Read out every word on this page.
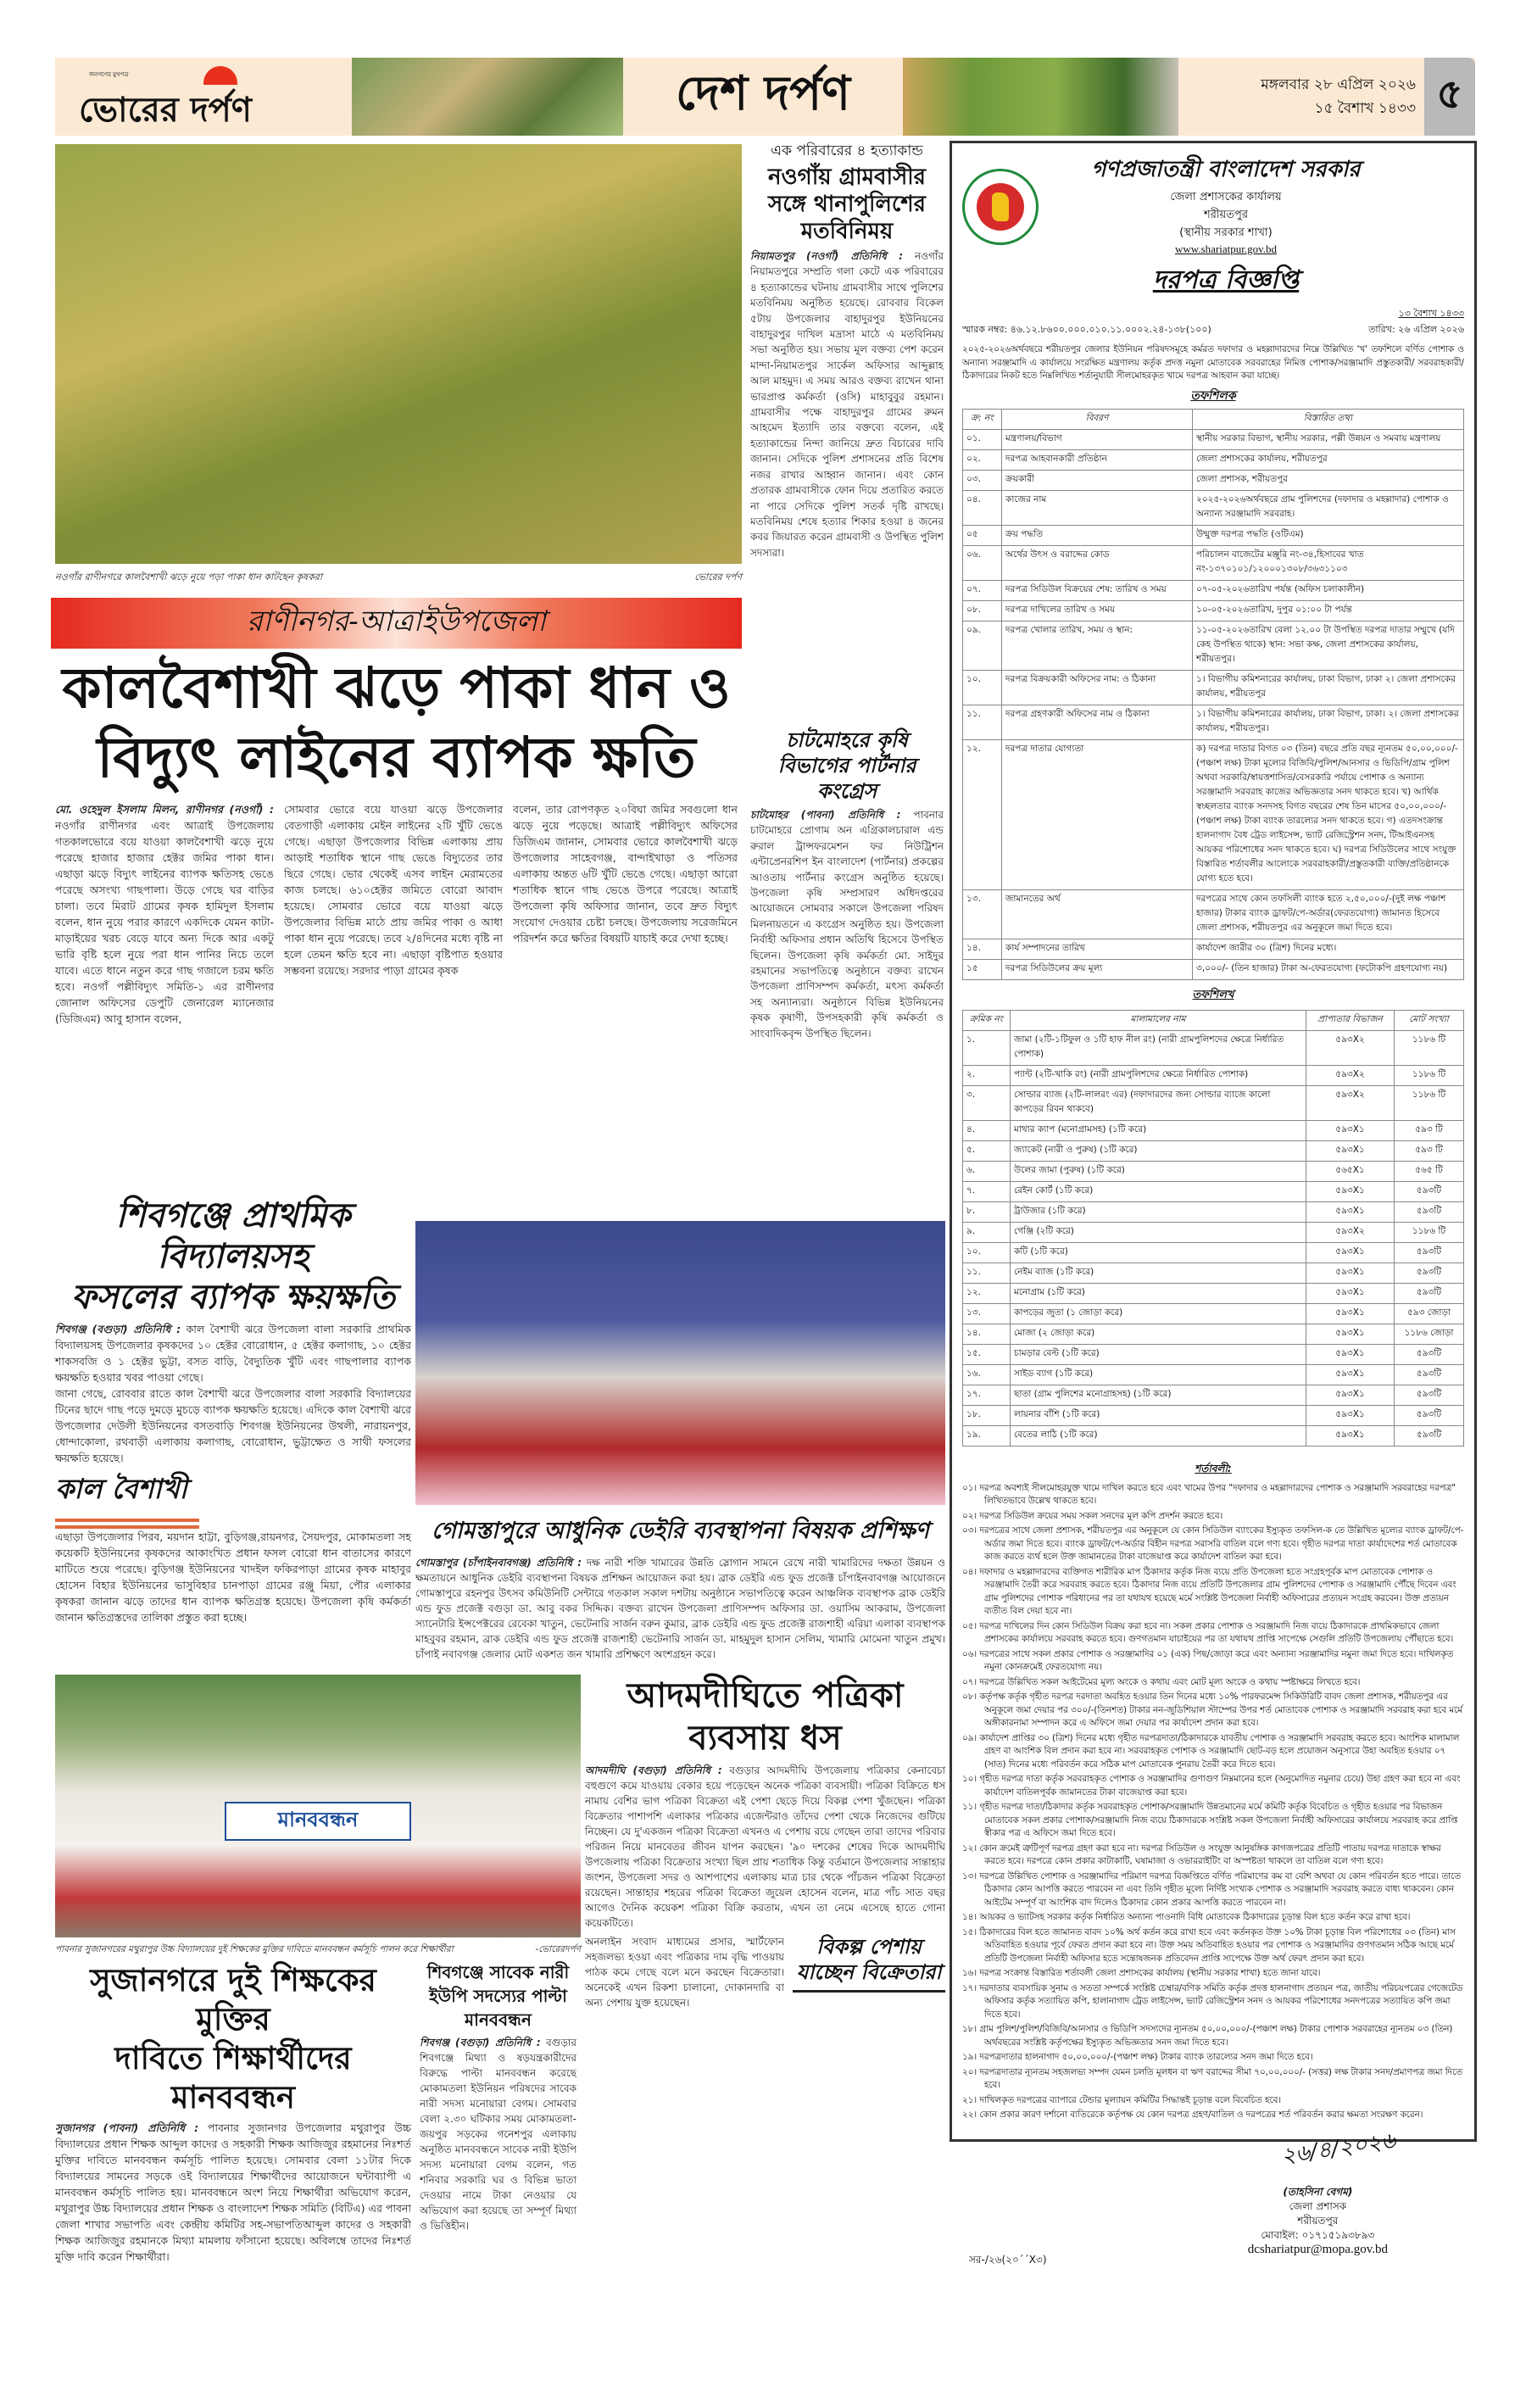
জনগণের মুখপত্র
ভোরের দর্পণ	দেশ দর্পণ	মঙ্গলবার ২৮ এপ্রিল ২০২৬
১৫ বৈশাখ ১৪৩৩ ৫
নওগাঁর রাণীনগরে কালবৈশাখী ঝড়ে নুয়ে পড়া পাকা ধান কাটছেন কৃষকরা	ভোরের দর্পণ
রাণীনগর-আত্রাইউপজেলা
কালবৈশাখী ঝড়ে পাকা ধান ও
বিদ্যুৎ লাইনের ব্যাপক ক্ষতি
মো. ওহেদুল ইসলাম মিলন, রাণীনগর (নওগাঁ) : নওগাঁর রাণীনগর এবং আত্রাই উপজেলায় গতকালভোরে বয়ে যাওয়া কালবৈশাখী ঝড়ে নুয়ে পরেছে হাজার হাজার হেক্টর জমির পাকা ধান। এছাড়া ঝড়ে বিদ্যুৎ লাইনের ব্যাপক ক্ষতিসহ ভেঙে পরেছে অসংখ্য গাছপালা। উড়ে গেছে ঘর বাড়ির চালা। তবে মিরাট গ্রামের কৃষক হামিদুল ইসলাম বলেন, ধান নুয়ে পরার কারণে একদিকে যেমন কাটা-মাড়াইয়ের খরচ বেড়ে যাবে অন্য দিকে আর একটু ভারি বৃষ্টি হলে নুয়ে পরা ধান পানির নিচে তলে যাবে। এতে ধানে নতুন করে গাছ গজালে চরম ক্ষতি হবে। নওগাঁ পল্লীবিদ্যুৎ সমিতি-১ এর রাণীনগর জোনাল অফিসের ডেপুটি জেনারেল ম্যানেজার (ডিজিএম) আবু হাসান বলেন,
সোমবার ভোরে বয়ে যাওয়া ঝড়ে উপজেলার বেতগাড়ী এলাকায় মেইন লাইনের ২টি খুঁটি ভেঙে গেছে। এছাড়া উপজেলার বিভিন্ন এলাকায় প্রায় আড়াই শতাধিক স্থানে গাছ ভেঙে বিদ্যুতের তার ছিরে গেছে। ভোর থেকেই এসব লাইন মেরামতের কাজ চলছে। ৬১০হেক্টর জমিতে বোরো আবাদ হয়েছে। সোমবার ভোরে বয়ে যাওয়া ঝড়ে উপজেলার বিভিন্ন মাঠে প্রায় জমির পাকা ও আধা পাকা ধান নুয়ে পরেছে। তবে ২/৪দিনের মধ্যে বৃষ্টি না হলে তেমন ক্ষতি হবে না। এছাড়া বৃষ্টিপাত হওয়ার সম্ভবনা রয়েছে। সরদার পাড়া গ্রামের কৃষক
বলেন, তার রোপণকৃত ২০বিঘা জমির সবগুলো ধান ঝড়ে নুয়ে পড়েছে। আত্রাই পল্লীবিদ্যুৎ অফিসের ডিজিএম জানান, সোমবার ভোরে কালবৈশাখী ঝড়ে উপজেলার সাহেবগঞ্জ, বান্দাইখাড়া ও পতিসর এলাকায় অন্তত ৬টি খুঁটি ভেঙে গেছে। এছাড়া আরো শতাধিক স্থানে গাছ ভেঙে উপরে পরেছে। আত্রাই উপজেলা কৃষি অফিসার জানান, তবে দ্রুত বিদ্যুৎ সংযোগ দেওয়ার চেষ্টা চলছে। উপজেলায় সরেজমিনে পরিদর্শন করে ক্ষতির বিষয়টি যাচাই করে দেখা হচ্ছে।
এক পরিবারের ৪ হত্যাকান্ড
নওগাঁয় গ্রামবাসীর সঙ্গে থানাপুলিশের মতবিনিময়
নিয়ামতপুর (নওগাঁ) প্রতিনিধি : নওগাঁর নিয়ামতপুরে সম্প্রতি গলা কেটে এক পরিবারের ৪ হত্যাকান্ডের ঘটনায় গ্রামবাসীর সাথে পুলিশের মতবিনিময় অনুষ্ঠিত হয়েছে। রোববার বিকেল ৫টায় উপজেলার বাহাদুরপুর ইউনিয়নের বাহাদুরপুর দাখিল মদ্রাসা মাঠে এ মতবিনিময় সভা অনুষ্ঠিত হয়। সভায় মূল বক্তব্য পেশ করেন মান্দা-নিয়ামতপুর সার্কেল অফিসার আব্দুল্লাহ আল মাহমুদ। এ সময় আরও বক্তব্য রাখেন থানা ভারপ্রাপ্ত কর্মকর্তা (ওসি) মাহাবুবুর রহমান। গ্রামবাসীর পক্ষে বাহাদুরপুর গ্রামের রুমন আহমেদ ইত্যাদি তার বক্তব্যে বলেন, এই হত্যাকান্ডের নিন্দা জানিয়ে দ্রুত বিচারের দাবি জানান। সেদিকে পুলিশ প্রশাসনের প্রতি বিশেষ নজর রাখার আহ্বান জানান। এবং কোন প্রতারক গ্রামবাসীকে ফোন দিয়ে প্রতারিত করতে না পারে সেদিকে পুলিশ সতর্ক দৃষ্টি রাখছে। মতবিনিময় শেষে হত্যার শিকার হওয়া ৪ জনের কবর জিয়ারত করেন গ্রামবাসী ও উপস্থিত পুলিশ সদস্যরা।
চাটমোহরে কৃষি বিভাগের পার্টনার কংগ্রেস
চাটমোহর (পাবনা) প্রতিনিধি : পাবনার চাটমোহরে প্রোগাম অন এগ্রিকালচারাল এন্ড রুরাল ট্রান্সফরমেশন ফর নিউট্রিশন এন্টাপ্রেনরশিপ ইন বাংলাদেশ (পার্টনার) প্রকল্পের আওতায় পার্টনার কংগ্রেস অনুষ্ঠিত হয়েছে। উপজেলা কৃষি সম্প্রসারণ অধিদপ্তরের আয়োজনে সোমবার সকালে উপজেলা পরিষদ মিলনায়তনে এ কংগ্রেস অনুষ্ঠিত হয়। উপজেলা নির্বাহী অফিসার প্রধান অতিথি হিসেবে উপস্থিত ছিলেন। উপজেলা কৃষি কর্মকর্তা মো. সাইদুর রহমানের সভাপতিত্বে অনুষ্ঠানে বক্তব্য রাখেন উপজেলা প্রাণিসম্পদ কর্মকর্তা, মৎস্য কর্মকর্তা সহ অন্যান্যরা। অনুষ্ঠানে বিভিন্ন ইউনিয়নের কৃষক কৃষাণী, উপসহকারী কৃষি কর্মকর্তা ও সাংবাদিকবৃন্দ উপস্থিত ছিলেন।
শিবগঞ্জে প্রাথমিক বিদ্যালয়সহ
ফসলের ব্যাপক ক্ষয়ক্ষতি
শিবগঞ্জ (বগুড়া) প্রতিনিধি : কাল বৈশাখী ঝরে উপজেলা বালা সরকারি প্রাথমিক বিদ্যালয়সহ উপজেলার কৃষকদের ১০ হেক্টর বোরোধান, ৫ হেক্টর কলাগাছ, ১০ হেক্টর শাকসবজি ও ১ হেক্টর ভুট্টা, বসত বাড়ি, বৈদ্যুতিক খুঁটি এবং গাছপালার ব্যাপক ক্ষয়ক্ষতি হওয়ার খবর পাওয়া গেছে।
জানা গেছে, রোববার রাতে কাল বৈশাখী ঝরে উপজেলার বালা সরকারি বিদ্যালয়ের টিনের ছাদে গাছ পড়ে দুমড়ে মুচড়ে ব্যাপক ক্ষয়ক্ষতি হয়েছে। এদিকে কাল বৈশাখী ঝরে উপজেলার দেউলী ইউনিয়নের বসতবাড়ি শিবগঞ্জ ইউনিয়নের উথলী, নারায়নপুর, ধোন্দাকোলা, রথবাড়ী এলাকায় কলাগাছ, বোরোধান, ভুট্টাক্ষেত ও সাথী ফসলের ক্ষয়ক্ষতি হয়েছে।
কাল বৈশাখী
এছাড়া উপজেলার পিরব, ময়দান হাট্টা, বুড়িগঞ্জ,রায়নগর, সৈয়দপুর, মোকামতলা সহ কয়েকটি ইউনিয়নের কৃষকদের আকাংখিত প্রধান ফসল বোরো ধান বাতাসের কারণে মাটিতে শুয়ে পরেছে। বুড়িগঞ্জ ইউনিয়নের খাদইল ফকিরপাড়া গ্রামের কৃষক মাহাবুর হোসেন বিহার ইউনিয়নের ভাসুবিহার চানপাড়া গ্রামের রঞ্জু মিয়া, পৌর এলাকার কৃষকরা জানান ঝড়ে তাদের ধান ব্যাপক ক্ষতিগ্রস্ত হয়েছে। উপজেলা কৃষি কর্মকর্তা জানান ক্ষতিগ্রস্তদের তালিকা প্রস্তুত করা হচ্ছে।
গোমস্তাপুরে আধুনিক ডেইরি ব্যবস্থাপনা বিষয়ক প্রশিক্ষণ
গোমস্তাপুর (চাঁপাইনবাবগঞ্জ) প্রতিনিধি : দক্ষ নারী শক্তি খামারের উন্নতি স্লোগান সামনে রেখে নারী খামারিদের দক্ষতা উন্নয়ন ও ক্ষমতায়নে আধুনিক ডেইরি ব্যবস্থাপনা বিষয়ক প্রশিক্ষন আয়োজন করা হয়। ব্রাক ডেইরি এন্ড ফুড প্রজেক্ট চাঁপাইনবাবগঞ্জ আয়োজনে গোমস্তাপুরে রহনপুর উৎসব কমিউনিটি সেন্টারে গতকাল সকাল দশটায় অনুষ্ঠানে সভাপতিত্বে করেন আঞ্চলিক ব্যবস্থাপক ব্রাক ডেইরি এন্ড ফুড প্রজেক্ট বগুড়া ডা. আবু বকর সিদ্দিক। বক্তব্য রাখেন উপজেলা প্রাণিসম্পদ অফিসার ডা. ওয়াসিম আকরাম, উপজেলা স্যানেটারি ইন্সপেক্টরের রেবেকা খাতুন, ভেটেনারি সার্জন বরুন কুমার, ব্রাক ডেইরি এন্ড ফুড প্রজেক্ট রাজশাহী এরিয়া এলাকা ব্যবস্থাপক মাহবুবর রহমান, ব্রাক ডেইরি এন্ড ফুড প্রজেক্ট রাজশাহী ভেটেনারি সার্জন ডা. মাহমুদুল হাসান সেলিম, খামারি মোমেনা খাতুন প্রমুখ। চাঁপাই নবাবগঞ্জ জেলার মোট একশত জন খামারি প্রশিক্ষণে অংশগ্রহন করে।
মানববন্ধন
পাবনার সুজানগরের মথুরাপুর উচ্চ বিদ্যালয়ের দুই শিক্ষকের মুক্তির দাবিতে মানববন্ধন কর্মসূচি পালন করে শিক্ষার্থীরা	-ভোরেরদর্পণ
সুজানগরে দুই শিক্ষকের মুক্তির
দাবিতে শিক্ষার্থীদের মানববন্ধন
সুজানগর (পাবনা) প্রতিনিধি : পাবনার সুজানগর উপজেলার মথুরাপুর উচ্চ বিদ্যালয়ের প্রধান শিক্ষক আব্দুল কাদের ও সহকারী শিক্ষক আজিজুর রহমানের নিঃশর্ত মুক্তির দাবিতে মানববন্ধন কর্মসূচি পালিত হয়েছে। সোমবার বেলা ১১টার দিকে বিদ্যালয়ের সামনের সড়কে ওই বিদ্যালয়ের শিক্ষার্থীদের আয়োজনে ঘন্টাব্যাপী এ মানববন্ধন কর্মসূচি পালিত হয়। মানববন্ধনে অংশ নিয়ে শিক্ষার্থীরা অভিযোগ করেন, মথুরাপুর উচ্চ বিদ্যালয়ের প্রধান শিক্ষক ও বাংলাদেশ শিক্ষক সমিতি (বিটিএ) এর পাবনা জেলা শাখার সভাপতি এবং কেন্দ্রীয় কমিটির সহ-সভাপতিআব্দুল কাদের ও সহকারী শিক্ষক আজিজুর রহমানকে মিথ্যা মামলায় ফাঁসানো হয়েছে। অবিলম্বে তাদের নিঃশর্ত মুক্তি দাবি করেন শিক্ষার্থীরা।
শিবগঞ্জে সাবেক নারী ইউপি সদস্যের পাল্টা মানববন্ধন
শিবগঞ্জ (বগুড়া) প্রতিনিধি : বগুড়ার শিবগঞ্জে মিথ্যা ও ষড়যন্ত্রকারীদের বিরুদ্ধে পাল্টা মানববন্ধন করেছে মোকামতলা ইউনিয়ন পরিষদের সাবেক নারী সদস্য মনোয়ারা বেগম। সোমবার বেলা ২.৩০ ঘটিকার সময় মোকামতলা-জয়পুর সড়কের গনেশপুর এলাকায় অনুষ্ঠিত মানববন্ধনে সাবেক নারী ইউপি সদস্য মনোয়ারা বেগম বলেন, গত শনিবার সরকারি ঘর ও বিভিন্ন ভাতা দেওয়ার নামে টাকা নেওয়ার যে অভিযোগ করা হয়েছে তা সম্পূর্ণ মিথ্যা ও ভিত্তিহীন।
আদমদীঘিতে পত্রিকা
ব্যবসায় ধস
আদমদীঘি (বগুড়া) প্রতিনিধি : বগুড়ার আদমদীঘি উপজেলায় পত্রিকার কেনাবেচা বহুগুণে কমে যাওয়ায় বেকার হয়ে পড়েছেন অনেক পত্রিকা ব্যবসায়ী। পত্রিকা বিক্রিতে ধস নামায় বেশির ভাগ পত্রিকা বিক্রেতা এই পেশা ছেড়ে দিয়ে বিকল্প পেশা খুঁজছেন। পত্রিকা বিক্রেতার পাশাপশি এলাকার পত্রিকার এজেন্টরাও তাঁদের পেশা থেকে নিজেদের গুটিয়ে নিচ্ছেন। যে দু'একজন পত্রিকা বিক্রেতা এখনও এ পেশায় রয়ে গেছেন তারা তাদের পরিবার পরিজন নিয়ে মানবেতর জীবন যাপন করছেন। '৯০ দশকের শেষের দিকে আদমদীঘি উপজেলায় পত্রিকা বিক্রেতার সংখ্যা ছিল প্রায় শতাধিক কিন্তু বর্তমানে উপজেলার সান্তাহার জংশন, উপজেলা সদর ও আশপাশের এলাকায় মাত্র চার থেকে পাঁচজন পত্রিকা বিক্রেতা রয়েছেন। সান্তাহার শহরের পত্রিকা বিক্রেতা জুয়েল হোসেন বলেন, মাত্র পাঁচ সাত বছর আগেও দৈনিক কয়েকশ পত্রিকা বিক্রি করতাম, এখন তা নেমে এসেছে হাতে গোনা কয়েকটিতে।
অনলাইন সংবাদ মাধ্যমের প্রসার, স্মার্টফোন সহজলভ্য হওয়া এবং পত্রিকার দাম বৃদ্ধি পাওয়ায় পাঠক কমে গেছে বলে মনে করছেন বিক্রেতারা। অনেকেই এখন রিকশা চালানো, দোকানদারি বা অন্য পেশায় যুক্ত হয়েছেন।
বিকল্প পেশায় যাচ্ছেন বিক্রেতারা
গণপ্রজাতন্ত্রী বাংলাদেশ সরকার
জেলা প্রশাসকের কার্যালয়
শরীয়তপুর
(স্থানীয় সরকার শাখা)
www.shariatpur.gov.bd
দরপত্র বিজ্ঞপ্তি
স্মারক নম্বর: ৪৬.১২.৮৬০০.০০০.০১০.১১.০০০২.২৪-১৩৮(১০০)
১৩ বৈশাখ ১৪৩৩
তারিখ: ২৬ এপ্রিল ২০২৬
২০২৫-২০২৬অর্থবছরে শরীয়তপুর জেলার ইউনিয়ন পরিষদসমূহে কর্মরত দফাদার ও মহল্লাদারদের নিম্নে উল্লিখিত 'খ' তফশিলে বর্ণিত পোশাক ও অন্যান্য সরঞ্জামাদি এ কার্যালয়ে সংরক্ষিত মন্ত্রণালয় কর্তৃক প্রদত্ত নমুনা মোতাবেক সরবরাহের নিমিত্ত পোশাক/সরঞ্জামাদি প্রস্তুতকারী/ সরবরাহকারী/ ঠিকাদারের নিকট হতে নিম্নলিখিত শর্তানুযায়ী সীলমোহরকৃত খামে দরপত্র আহবান করা যাচ্ছে।
তফশিলক
ক্র: নং	বিবরণ	বিস্তারিত তথ্য
০১.	মন্ত্রণালয়/বিভাগ	স্থানীয় সরকার বিভাগ, স্থানীয় সরকার, পল্লী উন্নয়ন ও সমবায় মন্ত্রণালয়
০২.	দরপত্র আহবানকারী প্রতিষ্ঠান	জেলা প্রশাসকের কার্যালয়, শরীয়তপুর
০৩.	ক্রয়কারী	জেলা প্রশাসক, শরীয়তপুর
০৪.	কাজের নাম	২০২৫-২০২৬অর্থবছরে গ্রাম পুলিশদের (দফাদার ও মহল্লাদার) পোশাক ও অন্যান্য সরঞ্জামাদি সরবরাহ।
০৫	ক্রয় পদ্ধতি	উন্মুক্ত দরপত্র পদ্ধতি (ওটিএম)
০৬.	অর্থের উৎস ও বরাদ্দের কোড	পরিচালন বাজেটের মঞ্জুরি নং-৩৪,হিসাবের খাত নং-১৩৭০১০১/১২০০০১৩০৮/৩৬৩১১০৩
০৭.	দরপত্র সিডিউল বিক্রয়ের শেষ: তারিখ ও সময়	০৭-০৫-২০২৬তারিখ পর্যন্ত (অফিস চলাকালীন)
০৮.	দরপত্র দাখিলের তারিখ ও সময়	১০-০৫-২০২৬তারিখ, দুপুর ০১:০০ টা পর্যন্ত
০৯.	দরপত্র খোলার তারিখ, সময় ও স্থান:	১১-০৫-২০২৬তারিখ বেলা ১২.০০ টা উপস্থিত দরপত্র দাতার সম্মুখে (যদি কেহ উপস্থিত থাকে) স্থান: সভা কক্ষ, জেলা প্রশাসকের কার্যালয়, শরীয়তপুর।
১০.	দরপত্র বিক্রয়কারী অফিসের নাম: ও ঠিকানা	১। বিভাগীয় কমিশনারের কার্যালয়, ঢাকা বিভাগ, ঢাকা ২। জেলা প্রশাসকের কার্যালয়, শরীয়তপুর
১১.	দরপত্র গ্রহণকারী অফিসের নাম ও ঠিকানা	১। বিভাগীয় কমিশনারের কার্যালয়, ঢাকা বিভাগ, ঢাকা। ২। জেলা প্রশাসকের কার্যালয়, শরীয়তপুর।
১২.	দরপত্র দাতার যোগ্যতা	ক) দরপত্র দাতার বিগত ০৩ (তিন) বছরে প্রতি বছর ন্যূনতম ৫০,০০,০০০/-(পঞ্চাশ লক্ষ) টাকা মূল্যের বিজিবি/পুলিশ/আনসার ও ভিডিপি/গ্রাম পুলিশ অথবা সরকারি/স্বায়ত্তশাসিত/বেসরকারি পর্যায়ে পোশাক ও অন্যান্য সরঞ্জামাদি সরবরাহ কাজের অভিজ্ঞতার সনদ থাকতে হবে। খ) আর্থিক স্বচ্ছলতার ব্যাংক সনদসহ বিগত বছরের শেষ তিন মাসের ৫০,০০,০০০/-(পঞ্চাশ লক্ষ) টাকা ব্যাংক তারল্যের সনদ থাকতে হবে। গ) এতদসংক্রান্ত হালনাগাদ বৈধ ট্রেড লাইসেন্স, ভ্যাট রেজিস্ট্রেশন সনদ, টিআইএনসহ আয়কর পরিশোধের সনদ থাকতে হবে। ঘ) দরপত্র সিডিউলের সাথে সংযুক্ত বিস্তারিত শর্তাবলীর আলোকে সরবরাহকারী/প্রস্তুতকারী ব্যক্তি/প্রতিষ্ঠানকে যোগ্য হতে হবে।
১৩.	জামানতের অর্থ	দরপত্রের সাথে কোন তফসিলী ব্যাংক হতে ২,৫০,০০০/-(দুই লক্ষ পঞ্চাশ হাজার) টাকার ব্যাংক ড্রাফট/পে-অর্ডার(ফেরতযোগ্য) জামানত হিসেবে জেলা প্রশাসক, শরীয়তপুর এর অনুকূলে জমা দিতে হবে।
১৪.	কার্য সম্পাদনের তারিখ	কার্যাদেশ জারীর ৩০ (ত্রিশ) দিনের মধ্যে।
১৫	দরপত্র সিডিউলের ক্রয় মূল্য	৩,০০০/- (তিন হাজার) টাকা অ-ফেরতযোগ্য (ফটোকপি গ্রহণযোগ্য নয়)
তফশিলখ
ক্রমিক নং	মালামালের নাম	প্রাপ্যতার বিভাজন	মোট সংখ্যা
১.	জামা (২টি-১টিফুল ও ১টি হাফ নীল রং) (নারী গ্রামপুলিশদের ক্ষেত্রে নির্ধারিত পোশাক)	৫৯৩X২	১১৮৬ টি
২.	প্যান্ট (২টি-খাকি রং) (নারী গ্রামপুলিশদের ক্ষেত্রে নির্ধারিত পোশাক)	৫৯৩X২	১১৮৬ টি
৩.	সোল্ডার ব্যাজ (২টি-লালরং এর) (দফাদারদের জন্য সোল্ডার ব্যাজে কালো কাপড়ের রিবন থাকবে)	৫৯৩X২	১১৮৬ টি
৪.	মাথার ক্যাপ (মনোগ্রামসহ) (১টি করে)	৫৯৩X১	৫৯৩ টি
৫.	জ্যাকেট (নারী ও পুরুষ) (১টি করে)	৫৯৩X১	৫৯৩ টি
৬.	উলের জামা (পুরুষ) (১টি করে)	৫৬৫X১	৫৬৫ টি
৭.	রেইন কোর্ট (১টি করে)	৫৯৩X১	৫৯৩টি
৮.	ট্রাউজার (১টি করে)	৫৯৩X১	৫৯৩টি
৯.	গেঞ্জি (২টি করে)	৫৯৩X২	১১৮৬ টি
১০.	কটি (১টি করে)	৫৯৩X১	৫৯৩টি
১১.	নেইম ব্যাজ (১টি করে)	৫৯৩X১	৫৯৩টি
১২.	মনোগ্রাম (১টি করে)	৫৯৩X১	৫৯৩টি
১৩.	কাপড়ের জুতা (১ জোড়া করে)	৫৯৩X১	৫৯৩ জোড়া
১৪.	মোজা (২ জোড়া করে)	৫৯৩X১	১১৮৬ জোড়া
১৫.	চামড়ার বেল্ট (১টি করে)	৫৯৩X১	৫৯৩টি
১৬.	সাইড ব্যাগ (১টি করে)	৫৯৩X১	৫৯৩টি
১৭.	ছাতা (গ্রাম পুলিশের মনোগ্রাহসহ) (১টি করে)	৫৯৩X১	৫৯৩টি
১৮.	লায়নার বাঁশি (১টি করে)	৫৯৩X১	৫৯৩টি
১৯.	বেতের লাঠি (১টি করে)	৫৯৩X১	৫৯৩টি
শর্তাবলী:
০১। দরপত্র অবশ্যই সীলমোহরযুক্ত খামে দাখিল করতে হবে এবং খামের উপর "দফাদার ও মহল্লাদারদের পোশাক ও সরঞ্জামাদি সরবরাহের দরপত্র" লিখিতভাবে উল্লেখ থাকতে হবে।
০২। দরপত্র সিডিউল ক্রয়ের সময় সকল সনদের মূল কপি প্রদর্শন করতে হবে।
০৩। দরপত্রের সাথে জেলা প্রশাসক, শরীয়তপুর এর অনুকূলে যে কোন সিডিউল ব্যাংকের ইস্যুকৃত তফসিল-ক তে উল্লিখিত মূল্যের ব্যাংক ড্রাফট/পে-অর্ডার জমা দিতে হবে। ব্যাংক ড্রাফট/পে-অর্ডার বিহীন দরপত্র সরাসরি বাতিল বলে গণ্য হবে। গৃহীত দরপত্র দাতা কার্যাদেশের শর্ত মোতাবেক কাজ করতে ব্যর্থ হলে উক্ত জামানতের টাকা বাজেয়াপ্ত করে কার্যাদেশ বাতিল করা হবে।
০৪। দফাদার ও মহল্লাদারদের ব্যক্তিগত শারীরিক মাপ ঠিকাদার কর্তৃক নিজ ব্যয়ে প্রতি উপজেলা হতে সংগ্রহপূর্বক মাপ মোতাবেক পোশাক ও সরঞ্জামাদি তৈরী করে সরবরাহ করতে হবে। ঠিকাদার নিজ ব্যয়ে প্রতিটি উপজেলার গ্রাম পুলিশদের পোশাক ও সরঞ্জামাদি পৌঁছে দিবেন এবং গ্রাম পুলিশদের পোশাক পরিধানের পর তা যথাযথ হয়েছে মর্মে সংশ্লিষ্ট উপজেলা নির্বাহী অফিসারের প্রত্যয়ন সংগ্রহ করবেন। উক্ত প্রত্যয়ন ব্যতীত বিল দেয়া হবে না।
০৫। দরপত্র দাখিলের দিন কোন সিডিউল বিক্রয় করা হবে না। সকল প্রকার পোশাক ও সরঞ্জামাদি নিজ ব্যয়ে ঠিকাদারকে প্রাথমিকভাবে জেলা প্রশাসকের কার্যালয়ে সরবরাহ করতে হবে। গুণগতমান যাচাইয়ের পর তা যথাযথ প্রাপ্তি সাপেক্ষে সেগুলি প্রতিটি উপজেলায় পৌঁছাতে হবে।
০৬। দরপত্রের সাথে সকল প্রকার পোশাক ও সরঞ্জামাদির ০১ (এক) পিছ/জোড়া করে এবং অন্যান্য সরঞ্জামাদির নমুনা জমা দিতে হবে। দাখিলকৃত নমুনা কোনক্রমেই ফেরতযোগ্য নয়।
০৭। দরপত্রে উল্লিখিত সকল আইটেমের মূল্য অংকে ও কথায় এবং মোট মূল্য অংকে ও কথায় স্পষ্টাক্ষরে লিখতে হবে।
০৮। কর্তৃপক্ষ কর্তৃক গৃহীত দরপত্র দরদাতা অবহিত হওয়ার তিন দিনের মধ্যে ১০% পারফরমেন্স সিকিউরিটি বাবদ জেলা প্রশাসক, শরীয়তপুর এর অনুকূলে জমা দেয়ার পর ৩০০/-(তিনশত) টাকার নন-জুডিশিয়াল স্টাম্পের উপর শর্ত মোতাবেক পোশাক ও সরঞ্জামাদি সরবরাহ করা হবে মর্মে অঙ্গীকারনামা সম্পাদন করে এ অফিসে জমা দেয়ার পর কার্যাদেশ প্রদান করা হবে।
০৯। কার্যাদেশ প্রাপ্তির ৩০ (ত্রিশ) দিনের মধ্যে গৃহীত দরপত্রদাতা/ঠিকাদারকে যাবতীয় পোশাক ও সরঞ্জামাদি সরবরাহ করতে হবে। আংশিক মালামাল গ্রহণ বা আংশিক বিল প্রদান করা হবে না। সরবরাহকৃত পোশাক ও সরঞ্জামাদি ছোট-বড় হলে প্রয়োজন অনুসারে উহা অবহিত হওয়ার ০৭ (সাত) দিনের মধ্যে পরিবর্তন করে সঠিক মাপ মোতাবেক পুনরায় তৈরী করে দিতে হবে।
১০। গৃহীত দরপত্র দাতা কর্তৃক সরবরাহকৃত পোশাক ও সরঞ্জামাদির গুণাগুণ নিম্নমানের হলে (অনুমোদিত নমুনার চেয়ে) উহা গ্রহণ করা হবে না এবং কার্যাদেশ বাতিলপূর্বক জামানতের টাকা বাজেয়াপ্ত করা হবে।
১১। গৃহীত দরপত্র দাতা/ঠিকাদার কর্তৃক সরবরাহকৃত পোশাক/সরঞ্জামাদি উন্নতমানের মর্মে কমিটি কর্তৃক বিবেচিত ও গৃহীত হওয়ার পর বিভাজন মোতাবেক সকল প্রকার পোশাক/সরঞ্জামাদি নিজ ব্যয়ে ঠিকাদারকে সংশ্লিষ্ট সকল উপজেলা নির্বাহী অফিসারের কার্যালয়ে সরবরাহ করে প্রাপ্তি স্বীকার পত্র এ অফিসে জমা দিতে হবে।
১২। কোন ক্রমেই ত্রুটিপূর্ণ দরপত্র গ্রহণ করা হবে না। দরপত্র সিডিউল ও সংযুক্ত আনুষঙ্গিক কাগজপত্রের প্রতিটি পাতায় দরপত্র দাতাকে স্বাক্ষর করতে হবে। দরপত্রে কোন প্রকার কাটাকাটি, ঘষামাজা ও ওভাররাইটিং বা অস্পষ্টতা থাকলে তা বাতিল বলে গণ্য হবে।
১৩। দরপত্রে উল্লিখিত পোশাক ও সরঞ্জামাদির পরিমাণ দরপত্র বিজ্ঞপ্তিতে বর্ণিত পরিমাণের কম বা বেশি অথবা যে কোন পরিবর্তন হতে পারে। তাতে ঠিকাদার কোন আপত্তি করতে পারবেন না এবং তিনি গৃহীত মূল্যে নির্দিষ্ট সংখ্যক পোশাক ও সরঞ্জামাদি সরবরাহ করতে বাধ্য থাকবেন। কোন আইটেম সম্পূর্ণ বা আংশিক বাদ দিলেও ঠিকাদার কোন প্রকার আপত্তি করতে পারবেন না।
১৪। আয়কর ও ভ্যাটসহ সরকার কর্তৃক নির্ধারিত অন্যান্য পাওনাদি বিধি মোতাবেক ঠিকাদারের চূড়ান্ত বিল হতে কর্তন করে রাখা হবে।
১৫। ঠিকাদারের বিল হতে জামানত বাবদ ১০% অর্থ কর্তন করে রাখা হবে এবং কর্তনকৃত উক্ত ১০% টাকা চূড়ান্ত বিল পরিশোধের ০৩ (তিন) মাস অতিবাহিত হওয়ার পূর্বে ফেরত প্রদান করা হবে না। উক্ত সময় অতিবাহিত হওয়ার পর পোশাক ও সরঞ্জামাদির গুণগতমান সঠিক আছে মর্মে প্রতিটি উপজেলা নির্বাহী অফিসার হতে সন্তোষজনক প্রতিবেদন প্রাপ্তি সাপেক্ষে উক্ত অর্থ ফেরৎ প্রদান করা হবে।
১৬। দরপত্র সংক্রান্ত বিস্তারিত শর্তাবলী জেলা প্রশাসকের কার্যালয় (স্থানীয় সরকার শাখা) হতে জানা যাবে।
১৭। দরদাতার ব্যবসায়িক সুনাম ও সততা সম্পর্কে সংশ্লিষ্ট চেম্বার/বণিক সমিতি কর্তৃক প্রদত্ত হালনাগাদ প্রত্যয়ন পত্র, জাতীয় পরিচয়পত্রের গেজেটেড অফিসার কর্তৃক সত্যায়িত কপি, হালানাগাদ ট্রেড লাইসেন্স, ভ্যাট রেজিস্ট্রেশন সনদ ও আয়কর পরিশোধের সনদপত্রের সত্যায়িত কপি জমা দিতে হবে।
১৮। গ্রাম পুলিশ/পুলিশ/বিজিবি/আনসার ও ভিডিপি সদস্যদের ন্যূনতম ৫০,০০,০০০/-(পঞ্চাশ লক্ষ) টাকার পোশাক সরবরাহের ন্যূনতম ০৩ (তিন) অর্থবছরের সংশ্লিষ্ট কর্তৃপক্ষের ইস্যুকৃত অভিজ্ঞতার সনদ জমা দিতে হবে।
১৯। দরপত্রদাতার হালনাগাদ ৫০,০০,০০০/-(পঞ্চাশ লক্ষ) টাকার ব্যাংক তারল্যের সনদ জমা দিতে হবে।
২০। দরপত্রদাতার ন্যূনতম সহজলভ্য সম্পদ যেমন চলতি মূলধন বা ঋণ বরাদ্দের সীমা ৭০,০০,০০০/- (সত্তর) লক্ষ টাকার সনদ/প্রমাণপত্র জমা দিতে হবে।
২১। দাখিলকৃত দরপত্রের ব্যাপারে টেন্ডার মূল্যায়ন কমিটির সিদ্ধান্তই চূড়ান্ত বলে বিবেচিত হবে।
২২। কোন প্রকার কারণ দর্শানো ব্যতিরেকে কর্তৃপক্ষ যে কোন দরপত্র গ্রহণ/বাতিল ও দরপত্রের শর্ত পরিবর্তন করার ক্ষমতা সংরক্ষণ করেন।
২৬/৪/২০২৬
(তাহসিনা বেগম)
জেলা প্রশাসক
শরীয়তপুর
মোবাইল: ০১৭১৫১৯৩৮৯৩
dcshariatpur@mopa.gov.bd
সর-/২৬(২০´´X৩)
